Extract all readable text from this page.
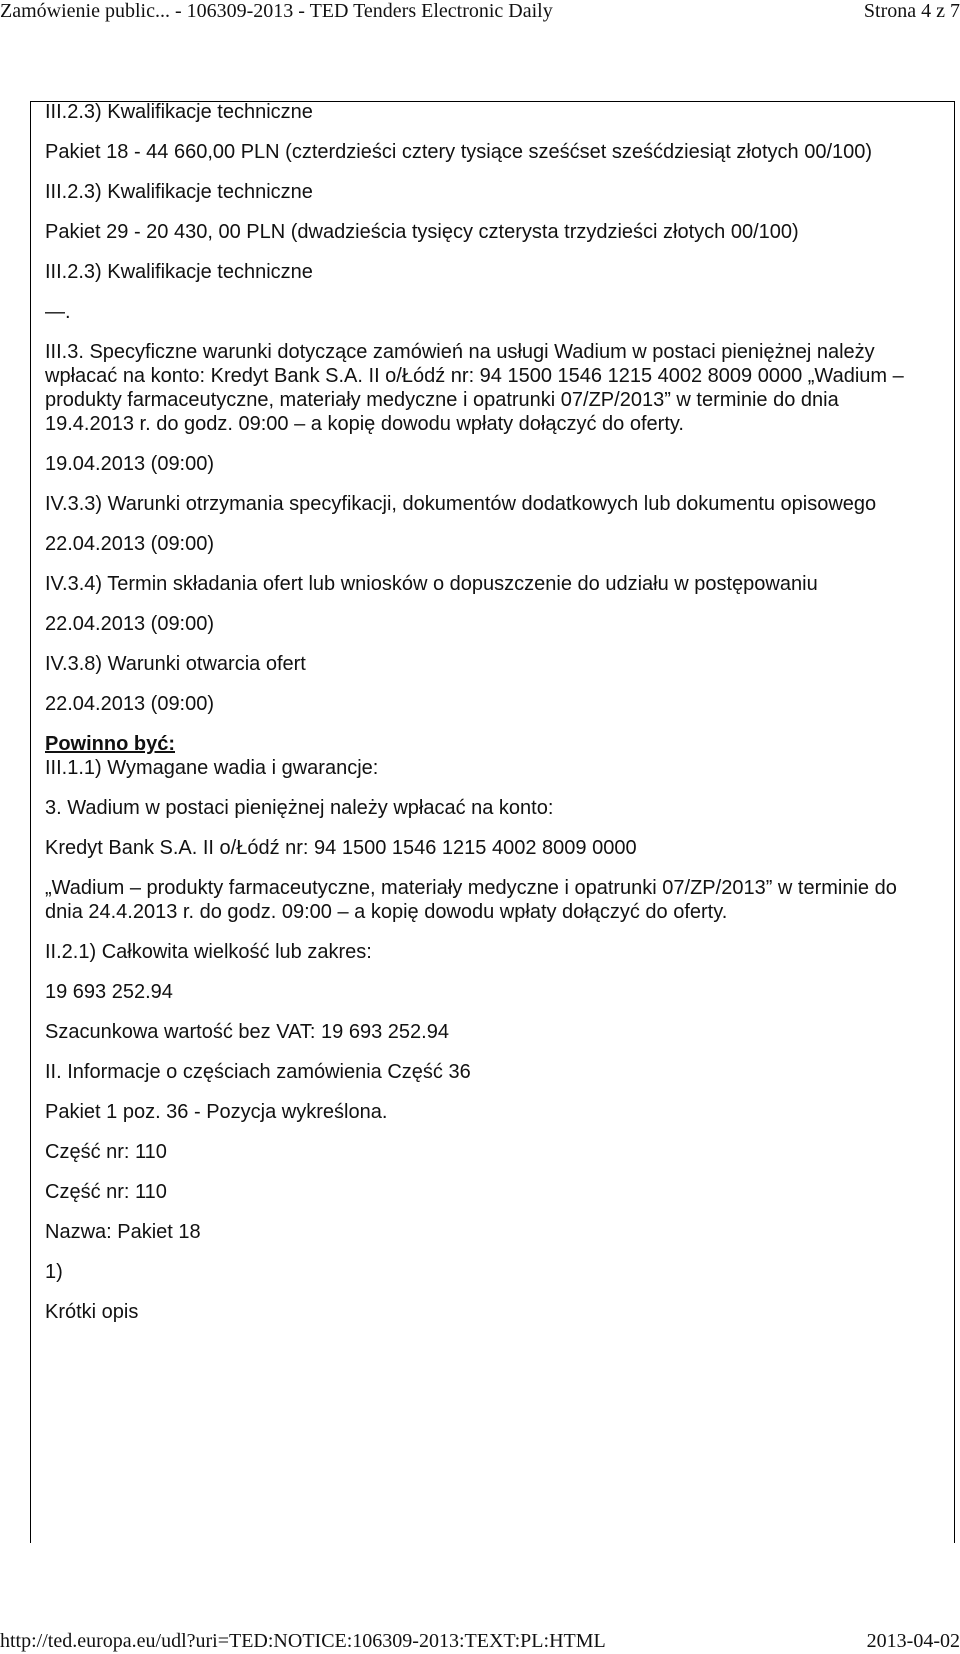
Zamówienie public... - 106309-2013 - TED Tenders Electronic Daily	Strona 4 z 7

III.2.3) Kwalifikacje techniczne

Pakiet 18 - 44 660,00 PLN (czterdzieści cztery tysiące sześćset sześćdziesiąt złotych 00/100)

III.2.3) Kwalifikacje techniczne

Pakiet 29 - 20 430, 00 PLN (dwadzieścia tysięcy czterysta trzydzieści złotych 00/100)

III.2.3) Kwalifikacje techniczne

—.

III.3. Specyficzne warunki dotyczące zamówień na usługi Wadium w postaci pieniężnej należy wpłacać na konto: Kredyt Bank S.A. II o/Łódź nr: 94 1500 1546 1215 4002 8009 0000 „Wadium – produkty farmaceutyczne, materiały medyczne i opatrunki 07/ZP/2013” w terminie do dnia 19.4.2013 r. do godz. 09:00 – a kopię dowodu wpłaty dołączyć do oferty.

19.04.2013 (09:00)

IV.3.3) Warunki otrzymania specyfikacji, dokumentów dodatkowych lub dokumentu opisowego

22.04.2013 (09:00)

IV.3.4) Termin składania ofert lub wniosków o dopuszczenie do udziału w postępowaniu

22.04.2013 (09:00)

IV.3.8) Warunki otwarcia ofert

22.04.2013 (09:00)

Powinno być:

III.1.1) Wymagane wadia i gwarancje:

3. Wadium w postaci pieniężnej należy wpłacać na konto:

Kredyt Bank S.A. II o/Łódź nr: 94 1500 1546 1215 4002 8009 0000

„Wadium – produkty farmaceutyczne, materiały medyczne i opatrunki 07/ZP/2013” w terminie do dnia 24.4.2013 r. do godz. 09:00 – a kopię dowodu wpłaty dołączyć do oferty.

II.2.1) Całkowita wielkość lub zakres:

19 693 252.94

Szacunkowa wartość bez VAT: 19 693 252.94

II. Informacje o częściach zamówienia Część 36

Pakiet 1 poz. 36 - Pozycja wykreślona.

Część nr: 110

Część nr: 110

Nazwa: Pakiet 18

1)

Krótki opis

http://ted.europa.eu/udl?uri=TED:NOTICE:106309-2013:TEXT:PL:HTML	2013-04-02
